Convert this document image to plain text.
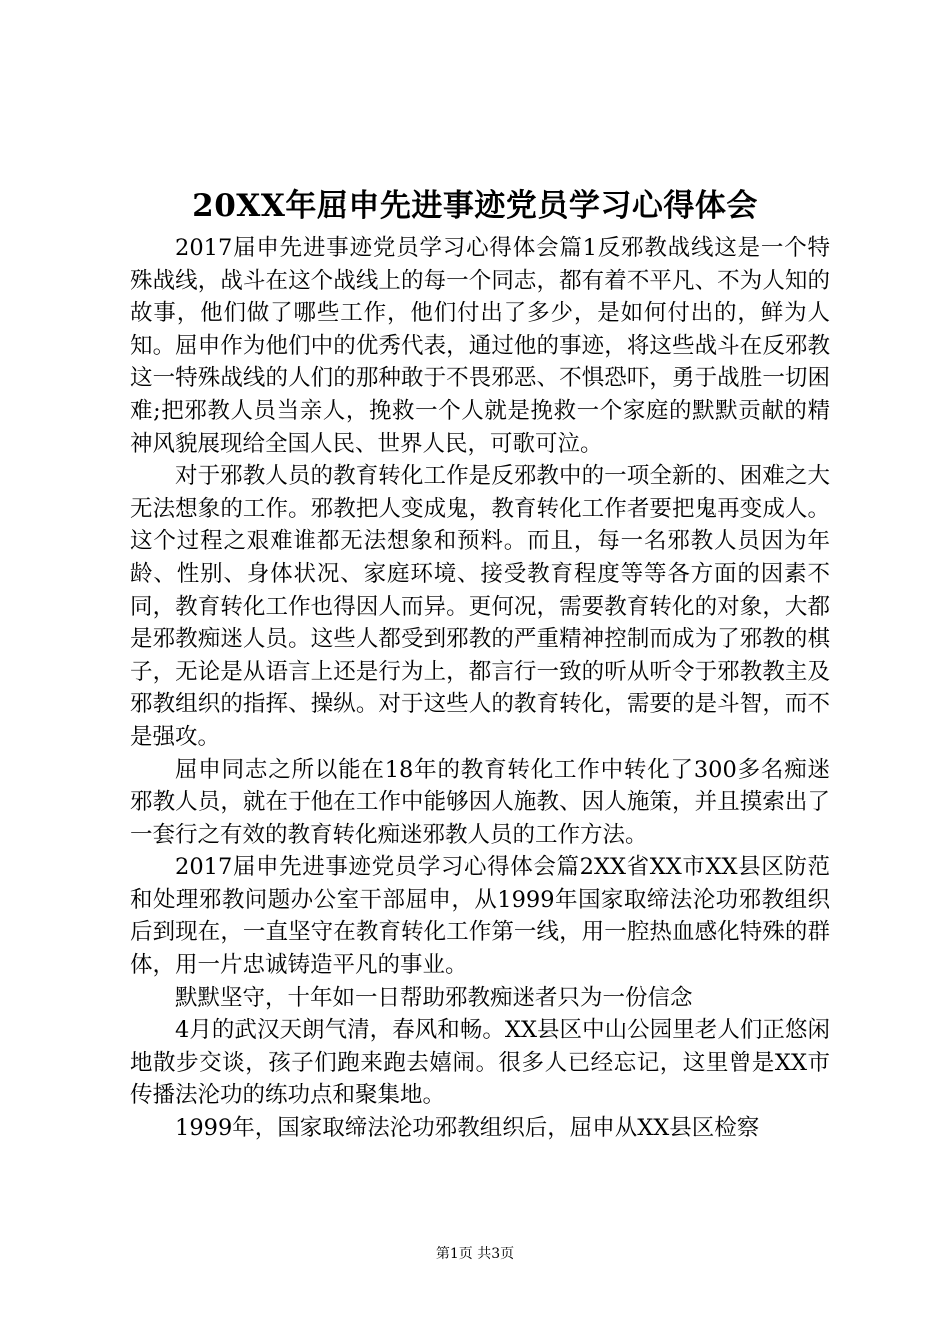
20XX年屈申先进事迹党员学习心得体会

2017届申先进事迹党员学习心得体会篇1反邪教战线这是一个特殊战线，战斗在这个战线上的每一个同志，都有着不平凡、不为人知的故事，他们做了哪些工作，他们付出了多少，是如何付出的，鲜为人知。屈申作为他们中的优秀代表，通过他的事迹，将这些战斗在反邪教这一特殊战线的人们的那种敢于不畏邪恶、不惧恐吓，勇于战胜一切困难;把邪教人员当亲人，挽救一个人就是挽救一个家庭的默默贡献的精神风貌展现给全国人民、世界人民，可歌可泣。

对于邪教人员的教育转化工作是反邪教中的一项全新的、困难之大无法想象的工作。邪教把人变成鬼，教育转化工作者要把鬼再变成人。这个过程之艰难谁都无法想象和预料。而且，每一名邪教人员因为年龄、性别、身体状况、家庭环境、接受教育程度等等各方面的因素不同，教育转化工作也得因人而异。更何况，需要教育转化的对象，大都是邪教痴迷人员。这些人都受到邪教的严重精神控制而成为了邪教的棋子，无论是从语言上还是行为上，都言行一致的听从听令于邪教教主及邪教组织的指挥、操纵。对于这些人的教育转化，需要的是斗智，而不是强攻。

屈申同志之所以能在18年的教育转化工作中转化了300多名痴迷邪教人员，就在于他在工作中能够因人施教、因人施策，并且摸索出了一套行之有效的教育转化痴迷邪教人员的工作方法。

2017届申先进事迹党员学习心得体会篇2XX省XX市XX县区防范和处理邪教问题办公室干部屈申，从1999年国家取缔法沦功邪教组织后到现在，一直坚守在教育转化工作第一线，用一腔热血感化特殊的群体，用一片忠诚铸造平凡的事业。

默默坚守，十年如一日帮助邪教痴迷者只为一份信念

4月的武汉天朗气清，春风和畅。XX县区中山公园里老人们正悠闲地散步交谈，孩子们跑来跑去嬉闹。很多人已经忘记，这里曾是XX市传播法沦功的练功点和聚集地。

1999年，国家取缔法沦功邪教组织后，屈申从XX县区检察

第1页 共3页
